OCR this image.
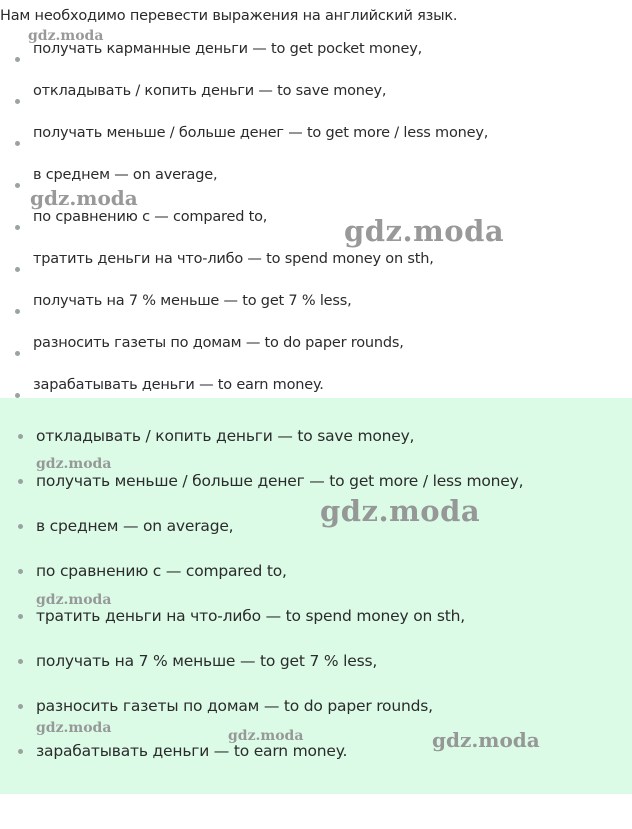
Нам необходимо перевести выражения на английский язык.
получать карманные деньги — to get pocket money,
откладывать / копить деньги — to save money,
получать меньше / больше денег — to get more / less money,
в среднем — on average,
по сравнению с — compared to,
тратить деньги на что-либо — to spend money on sth,
получать на 7 % меньше — to get 7 % less,
разносить газеты по домам — to do paper rounds,
зарабатывать деньги — to earn money.
gdz.moda
gdz.moda
gdz.moda
откладывать / копить деньги — to save money,
получать меньше / больше денег — to get more / less money,
в среднем — on average,
по сравнению с — compared to,
тратить деньги на что-либо — to spend money on sth,
получать на 7 % меньше — to get 7 % less,
разносить газеты по домам — to do paper rounds,
зарабатывать деньги — to earn money.
gdz.moda
gdz.moda
gdz.moda
gdz.moda	gdz.moda	gdz.moda
